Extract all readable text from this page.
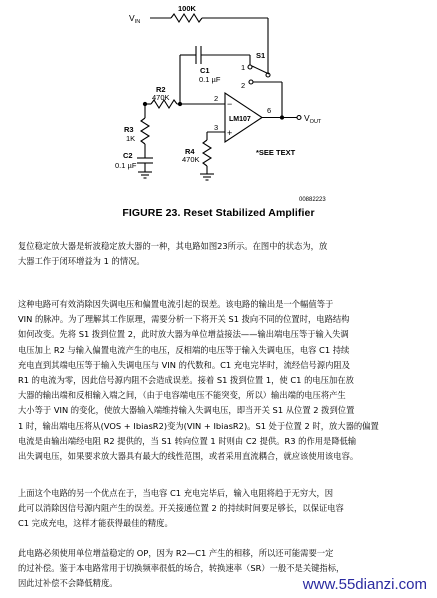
$V_{IN}$
100K
C1
0.1 µF
S1
1
2
R2
470K
R3
1K
C2
0.1 µF
R4
470K
LM107
−
+
2
3
6
$V_{OUT}$
*SEE TEXT
00882223
FIGURE 23. Reset Stabilized Amplifier

复位稳定放大器是斩波稳定放大器的一种，其电路如图23所示。在图中的状态为，放
大器工作于闭环增益为 1 的情况。

这种电路可有效消除因失调电压和偏置电流引起的误差。该电路的输出是一个幅值等于
VIN 的脉冲。为了理解其工作原理，需要分析一下将开关 S1 拨向不同的位置时，电路结构
如何改变。先将 S1 拨到位置 2，此时放大器为单位增益接法——输出端电压等于输入失调
电压加上 R2 与输入偏置电流产生的电压，反相端的电压等于输入失调电压，电容 C1 持续
充电直到其端电压等于输入失调电压与 VIN 的代数和。C1 充电完毕时，流经信号源内阻及
R1 的电流为零，因此信号源内阻不会造成误差。接着 S1 拨到位置 1，使 C1 的电压加在放
大器的输出端和反相输入端之间，（由于电容端电压不能突变，所以）输出端的电压将产生
大小等于 VIN 的变化，使放大器输入端维持输入失调电压，即当开关 S1 从位置 2 拨到位置
1 时，输出端电压将从(VOS + IbiasR2)变为(VIN + IbiasR2)。S1 处于位置 2 时，放大器的偏置
电流是由输出端经电阻 R2 提供的，当 S1 转向位置 1 时则由 C2 提供。R3 的作用是降低输
出失调电压，如果要求放大器具有最大的线性范围，或者采用直流耦合，就应该使用该电容。

上面这个电路的另一个优点在于，当电容 C1 充电完毕后，输入电阻将趋于无穷大，因
此可以消除因信号源内阻产生的误差。开关接通位置 2 的持续时间要足够长，以保证电容
C1 完成充电，这样才能获得最佳的精度。

此电路必须使用单位增益稳定的 OP，因为 R2—C1 产生的相移，所以还可能需要一定
的过补偿。鉴于本电路常用于切换频率很低的场合，转换速率（SR）一般不是关键指标，
因此过补偿不会降低精度。	www.55dianzi.com
